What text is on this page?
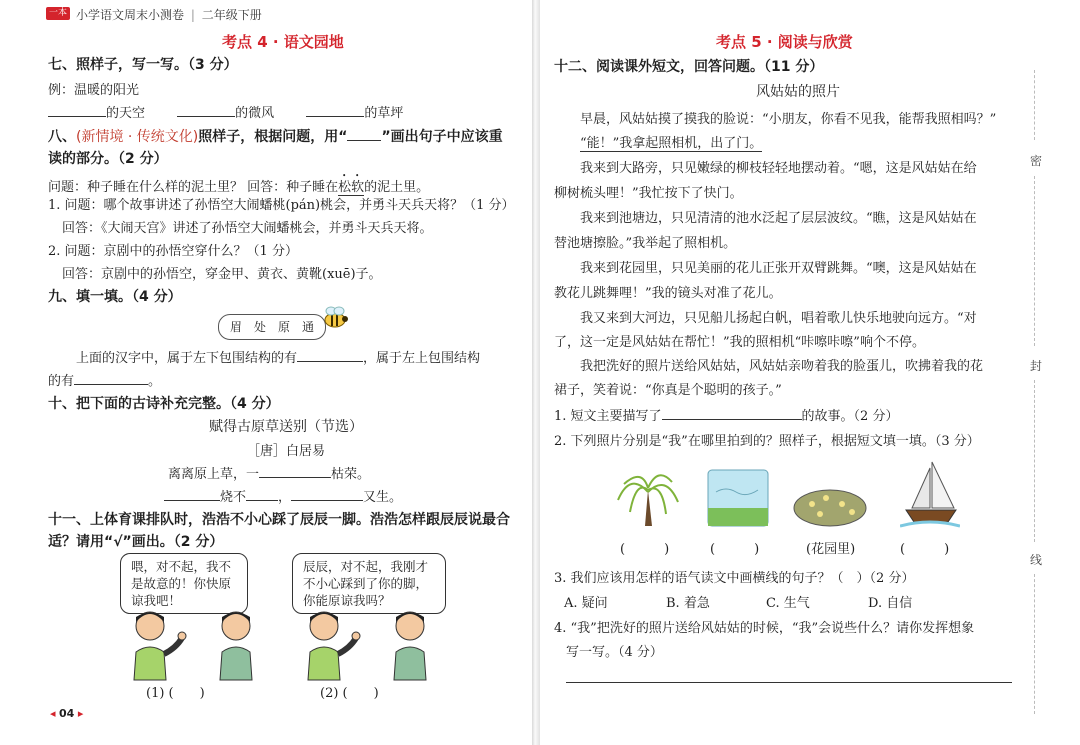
一本 小学语文周末小测卷 | 二年级下册
考点 4 · 语文园地
七、照样子，写一写。（3 分）
例：温暖的阳光
的天空	的微风	的草坪
八、(新情境 · 传统文化)照样子，根据问题，用“ ”画出句子中应该重
读的部分。（2 分）
问题：种子睡在什么样的泥土里？ 回答：种子睡在松软的泥土里。
1. 问题：哪个故事讲述了孙悟空大闹蟠桃(pán)桃会，并勇斗天兵天将？（1 分）
回答：《大闹天宫》讲述了孙悟空大闹蟠桃会，并勇斗天兵天将。
2. 问题：京剧中的孙悟空穿什么？（1 分）
回答：京剧中的孙悟空，穿金甲、黄衣、黄靴(xuē)子。
九、填一填。（4 分）
眉　处　原　通
上面的汉字中，属于左下包围结构的有	，属于左上包围结构
的有	。
十、把下面的古诗补充完整。（4 分）
赋得古原草送别（节选）
［唐］白居易
离离原上草，一	枯荣。
烧不 ，	又生。
十一、上体育课排队时，浩浩不小心踩了辰辰一脚。浩浩怎样跟辰辰说最合
适？请用“√”画出。（2 分）
喂，对不起，我不是故意的！你快原谅我吧！
辰辰，对不起，我刚才不小心踩到了你的脚，你能原谅我吗？
(1) (　　)	(2) (　　)
◂ 04 ▸
考点 5 · 阅读与欣赏
十二、阅读课外短文，回答问题。（11 分）
风姑姑的照片
　　早晨，风姑姑摸了摸我的脸说：“小朋友，你看不见我，能帮我照相吗？”
“能！”我拿起照相机，出了门。
　　我来到大路旁，只见嫩绿的柳枝轻轻地摆动着。“嗯，这是风姑姑在给
柳树梳头哩！”我忙按下了快门。
　　我来到池塘边，只见清清的池水泛起了层层波纹。“瞧，这是风姑姑在
替池塘擦脸。”我举起了照相机。
　　我来到花园里，只见美丽的花儿正张开双臂跳舞。“噢，这是风姑姑在
教花儿跳舞哩！”我的镜头对准了花儿。
　　我又来到大河边，只见船儿扬起白帆，唱着歌儿快乐地驶向远方。“对
了，这一定是风姑姑在帮忙！”我的照相机“咔嚓咔嚓”响个不停。
　　我把洗好的照片送给风姑姑，风姑姑亲吻着我的脸蛋儿，吹拂着我的花
裙子，笑着说：“你真是个聪明的孩子。”
1. 短文主要描写了	的故事。（2 分）
2. 下列照片分别是“我”在哪里拍到的？照样子，根据短文填一填。（3 分）
(　　　)	(　　　)	(花园里)	(　　　)
3. 我们应该用怎样的语气读文中画横线的句子？（　）（2 分）
A. 疑问	B. 着急	C. 生气	D. 自信
4. “我”把洗好的照片送给风姑姑的时候，“我”会说些什么？请你发挥想象
写一写。（4 分）
密
封
线
